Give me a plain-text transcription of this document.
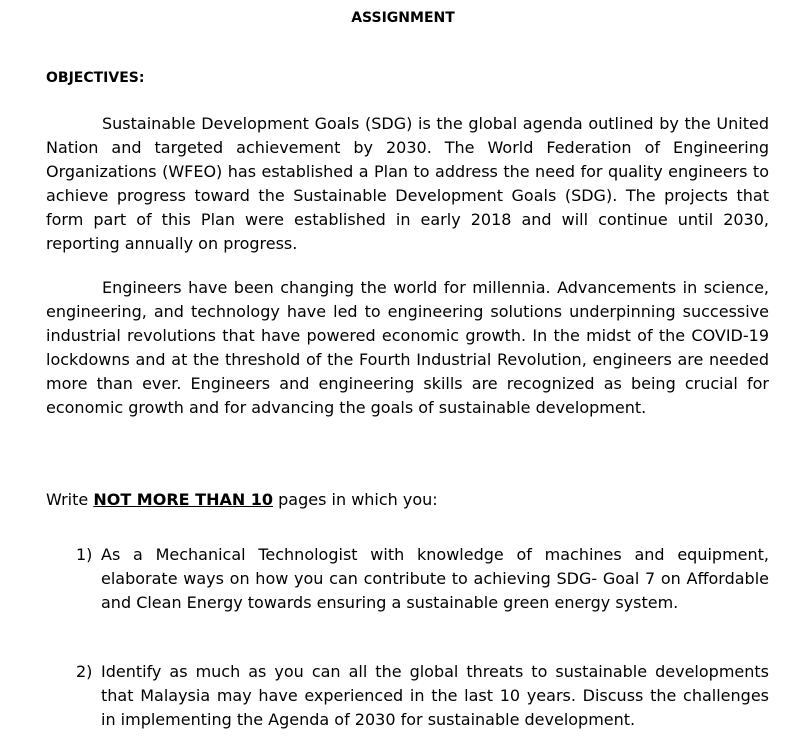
ASSIGNMENT
OBJECTIVES:

Sustainable Development Goals (SDG) is the global agenda outlined by the United Nation and targeted achievement by 2030. The World Federation of Engineering Organizations (WFEO) has established a Plan to address the need for quality engineers to achieve progress toward the Sustainable Development Goals (SDG). The projects that form part of this Plan were established in early 2018 and will continue until 2030, reporting annually on progress.

Engineers have been changing the world for millennia. Advancements in science, engineering, and technology have led to engineering solutions underpinning successive industrial revolutions that have powered economic growth. In the midst of the COVID-19 lockdowns and at the threshold of the Fourth Industrial Revolution, engineers are needed more than ever. Engineers and engineering skills are recognized as being crucial for economic growth and for advancing the goals of sustainable development.

Write NOT MORE THAN 10 pages in which you:
1) As a Mechanical Technologist with knowledge of machines and equipment, elaborate ways on how you can contribute to achieving SDG- Goal 7 on Affordable and Clean Energy towards ensuring a sustainable green energy system.
2) Identify as much as you can all the global threats to sustainable developments that Malaysia may have experienced in the last 10 years. Discuss the challenges in implementing the Agenda of 2030 for sustainable development.
